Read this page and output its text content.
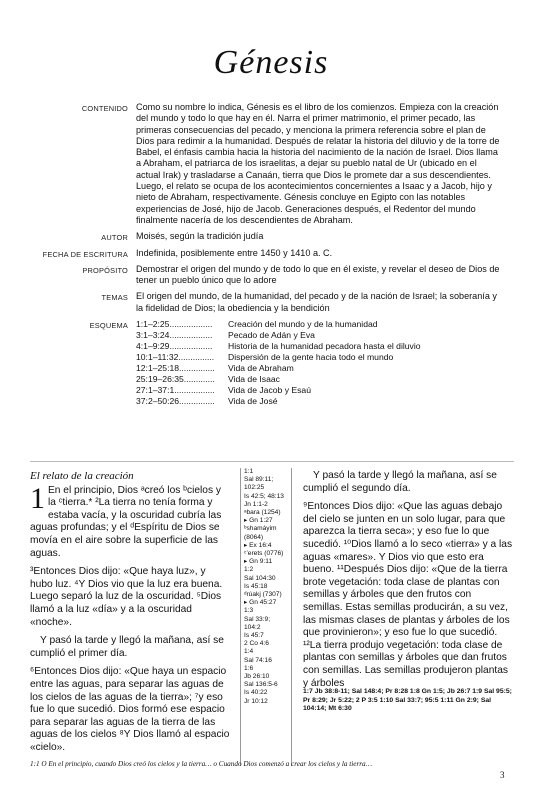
Génesis
CONTENIDO Como su nombre lo indica, Génesis es el libro de los comienzos. Empieza con la creación del mundo y todo lo que hay en él. Narra el primer matrimonio, el primer pecado, las primeras consecuencias del pecado, y menciona la primera referencia sobre el plan de Dios para redimir a la humanidad. Después de relatar la historia del diluvio y de la torre de Babel, el énfasis cambia hacia la historia del nacimiento de la nación de Israel. Dios llama a Abraham, el patriarca de los israelitas, a dejar su pueblo natal de Ur (ubicado en el actual Irak) y trasladarse a Canaán, tierra que Dios le promete dar a sus descendientes. Luego, el relato se ocupa de los acontecimientos concernientes a Isaac y a Jacob, hijo y nieto de Abraham, respectivamente. Génesis concluye en Egipto con las notables experiencias de José, hijo de Jacob. Generaciones después, el Redentor del mundo finalmente nacería de los descendientes de Abraham.
AUTOR Moisés, según la tradición judía
FECHA DE ESCRITURA Indefinida, posiblemente entre 1450 y 1410 a. C.
PROPÓSITO Demostrar el origen del mundo y de todo lo que en él existe, y revelar el deseo de Dios de tener un pueblo único que lo adore
TEMAS El origen del mundo, de la humanidad, del pecado y de la nación de Israel; la soberanía y la fidelidad de Dios; la obediencia y la bendición
ESQUEMA 1:1–2:25.................. Creación del mundo y de la humanidad
3:1–3:24.................. Pecado de Adán y Eva
4:1–9:29.................. Historia de la humanidad pecadora hasta el diluvio
10:1–11:32............... Dispersión de la gente hacia todo el mundo
12:1–25:18............... Vida de Abraham
25:19–26:35............. Vida de Isaac
27:1–37:1................. Vida de Jacob y Esaú
37:2–50:26............... Vida de José
El relato de la creación

1 En el principio, Dios ᵃcreó los ᵇcielos y la ᶜtierra.* ²La tierra no tenía forma y estaba vacía, y la oscuridad cubría las aguas profundas; y el ᵈEspíritu de Dios se movía en el aire sobre la superficie de las aguas.

³Entonces Dios dijo: «Que haya luz», y hubo luz. ⁴Y Dios vio que la luz era buena. Luego separó la luz de la oscuridad. ⁵Dios llamó a la luz «día» y a la oscuridad «noche».

Y pasó la tarde y llegó la mañana, así se cumplió el primer día.

⁶Entonces Dios dijo: «Que haya un espacio entre las aguas, para separar las aguas de los cielos de las aguas de la tierra»; ⁷y eso fue lo que sucedió. Dios formó ese espacio para separar las aguas de la tierra de las aguas de los cielos ⁸Y Dios llamó al espacio «cielo».

1:1
Sal 89:11;
102:25
Is 42:5; 48:13
Jn 1:1-2
ᵃbara (1254)
▸ Gn 1:27
ᵇshamáyim
(8064)
▸ Ex 16:4
ᶜʼerets (0776)
▸ Gn 9:11
1:2
Sal 104:30
Is 45:18
ᵈrúakj (7307)
▸ Gn 45:27
1:3
Sal 33:9; 104:2
Is 45:7
2 Co 4:6
1:4
Sal 74:16
1:6
Jb 26:10
Sal 136:5-6
Is 40:22
Jr 10:12

Y pasó la tarde y llegó la mañana, así se cumplió el segundo día.

⁹Entonces Dios dijo: «Que las aguas debajo del cielo se junten en un solo lugar, para que aparezca la tierra seca»; y eso fue lo que sucedió. ¹⁰Dios llamó a lo seco «tierra» y a las aguas «mares». Y Dios vio que esto era bueno. ¹¹Después Dios dijo: «Que de la tierra brote vegetación: toda clase de plantas con semillas y árboles que den frutos con semillas. Estas semillas producirán, a su vez, las mismas clases de plantas y árboles de los que provinieron»; y eso fue lo que sucedió. ¹²La tierra produjo vegetación: toda clase de plantas con semillas y árboles que dan frutos con semillas. Las semillas produjeron plantas y árboles

1:7 Jb 38:8-11; Sal 148:4; Pr 8:28 1:8 Gn 1:5; Jb 26:7 1:9 Sal 95:5; Pr 8:29; Jr 5:22; 2 P 3:5 1:10 Sal 33:7; 95:5 1:11 Gn 2:9; Sal 104:14; Mt 6:30
1:1 O En el principio, cuando Dios creó los cielos y la tierra… o Cuando Dios comenzó a crear los cielos y la tierra…
3
